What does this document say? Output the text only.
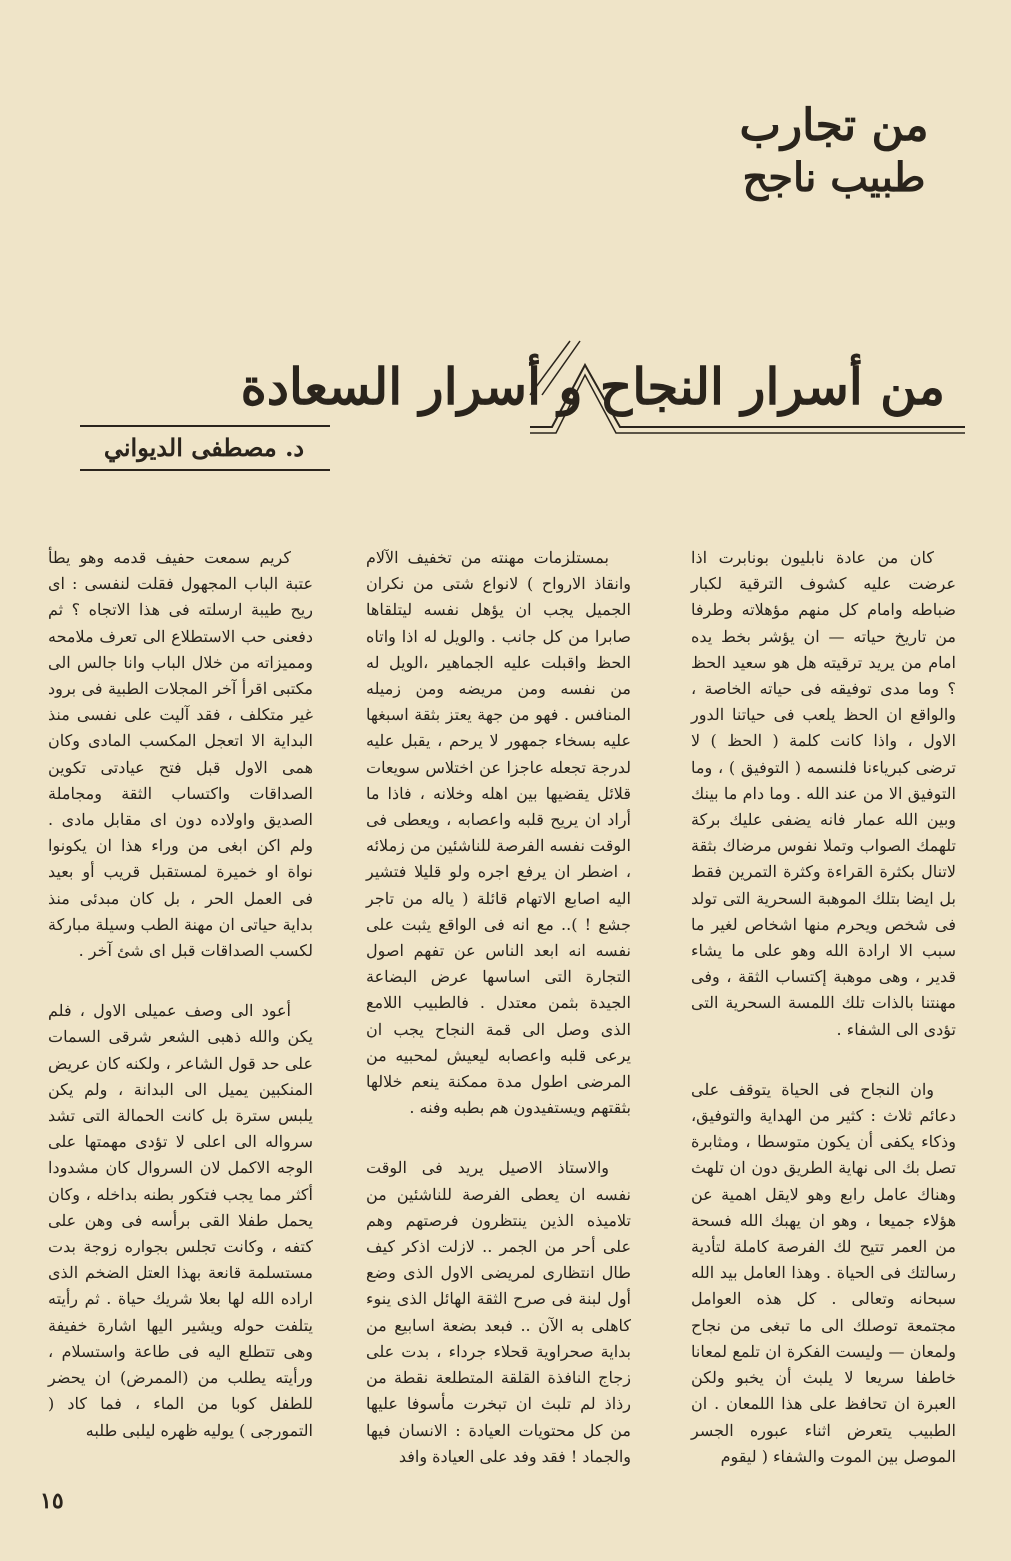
من تجارب
طبيب ناجح
من أسرار النجاح و أسرار السعادة
د. مصطفى الديواني

كان من عادة نابليون بونابرت اذا عرضت عليه كشوف الترقية لكبار ضباطه وامام كل منهم مؤهلاته وطرفا من تاريخ حياته — ان يؤشر بخط يده امام من يريد ترقيته هل هو سعيد الحظ ؟ وما مدى توفيقه فى حياته الخاصة ، والواقع ان الحظ يلعب فى حياتنا الدور الاول ، واذا كانت كلمة ( الحظ ) لا ترضى كبرياءنا فلنسمه ( التوفيق ) ، وما التوفيق الا من عند الله . وما دام ما بينك وبين الله عمار فانه يضفى عليك بركة تلهمك الصواب وتملا نفوس مرضاك بثقة لاتنال بكثرة القراءة وكثرة التمرين فقط بل ايضا بتلك الموهبة السحرية التى تولد فى شخص ويحرم منها اشخاص لغير ما سبب الا ارادة الله وهو على ما يشاء قدير ، وهى موهبة إكتساب الثقة ، وفى مهنتنا بالذات تلك اللمسة السحرية التى تؤدى الى الشفاء .

وان النجاح فى الحياة يتوقف على دعائم ثلاث : كثير من الهداية والتوفيق، وذكاء يكفى أن يكون متوسطا ، ومثابرة تصل بك الى نهاية الطريق دون ان تلهث وهناك عامل رابع وهو لايقل اهمية عن هؤلاء جميعا ، وهو ان يهبك الله فسحة من العمر تتيح لك الفرصة كاملة لتأدية رسالتك فى الحياة . وهذا العامل بيد الله سبحانه وتعالى . كل هذه العوامل مجتمعة توصلك الى ما تبغى من نجاح ولمعان — وليست الفكرة ان تلمع لمعانا خاطفا سريعا لا يلبث أن يخبو ولكن العبرة ان تحافظ على هذا اللمعان . ان الطبيب يتعرض اثناء عبوره الجسر الموصل بين الموت والشفاء ( ليقوم

بمستلزمات مهنته من تخفيف الآلام وانقاذ الارواح ) لانواع شتى من نكران الجميل يجب ان يؤهل نفسه ليتلقاها صابرا من كل جانب . والويل له اذا واتاه الحظ واقبلت عليه الجماهير ،الويل له من نفسه ومن مريضه ومن زميله المنافس . فهو من جهة يعتز بثقة اسبغها عليه بسخاء جمهور لا يرحم ، يقبل عليه لدرجة تجعله عاجزا عن اختلاس سويعات قلائل يقضيها بين اهله وخلانه ، فاذا ما أراد ان يريح قلبه واعصابه ، ويعطى فى الوقت نفسه الفرصة للناشئين من زملائه ، اضطر ان يرفع اجره ولو قليلا فتشير اليه اصابع الاتهام قائلة ( ياله من تاجر جشع ! ).. مع انه فى الواقع يثبت على نفسه انه ابعد الناس عن تفهم اصول التجارة التى اساسها عرض البضاعة الجيدة بثمن معتدل . فالطبيب اللامع الذى وصل الى قمة النجاح يجب ان يرعى قلبه واعصابه ليعيش لمحبيه من المرضى اطول مدة ممكنة ينعم خلالها بثقتهم ويستفيدون هم بطبه وفنه .

والاستاذ الاصيل يريد فى الوقت نفسه ان يعطى الفرصة للناشئين من تلاميذه الذين ينتظرون فرصتهم وهم على أحر من الجمر .. لازلت اذكر كيف طال انتظارى لمريضى الاول الذى وضع أول لبنة فى صرح الثقة الهائل الذى ينوء كاهلى به الآن .. فبعد بضعة اسابيع من بداية صحراوية قحلاء جرداء ، بدت على زجاج النافذة القلقة المتطلعة نقطة من رذاذ لم تلبث ان تبخرت مأسوفا عليها من كل محتويات العيادة : الانسان فيها والجماد ! فقد وفد على العيادة وافد

كريم سمعت حفيف قدمه وهو يطأ عتبة الباب المجهول فقلت لنفسى : اى ريح طيبة ارسلته فى هذا الاتجاه ؟ ثم دفعنى حب الاستطلاع الى تعرف ملامحه ومميزاته من خلال الباب وانا جالس الى مكتبى اقرأ آخر المجلات الطبية فى برود غير متكلف ، فقد آليت على نفسى منذ البداية الا اتعجل المكسب المادى وكان همى الاول قبل فتح عيادتى تكوين الصداقات واكتساب الثقة ومجاملة الصديق واولاده دون اى مقابل مادى . ولم اكن ابغى من وراء هذا ان يكونوا نواة او خميرة لمستقبل قريب أو بعيد فى العمل الحر ، بل كان مبدئى منذ بداية حياتى ان مهنة الطب وسيلة مباركة لكسب الصداقات قبل اى شئ آخر .

أعود الى وصف عميلى الاول ، فلم يكن والله ذهبى الشعر شرقى السمات على حد قول الشاعر ، ولكنه كان عريض المنكبين يميل الى البدانة ، ولم يكن يلبس سترة بل كانت الحمالة التى تشد سرواله الى اعلى لا تؤدى مهمتها على الوجه الاكمل لان السروال كان مشدودا أكثر مما يجب فتكور بطنه بداخله ، وكان يحمل طفلا القى برأسه فى وهن على كتفه ، وكانت تجلس بجواره زوجة بدت مستسلمة قانعة بهذا العتل الضخم الذى اراده الله لها بعلا شريك حياة . ثم رأيته يتلفت حوله ويشير اليها اشارة خفيفة وهى تتطلع اليه فى طاعة واستسلام ، ورأيته يطلب من (الممرض) ان يحضر للطفل كوبا من الماء ، فما كاد ( التمورجى ) يوليه ظهره ليلبى طلبه

١٥
